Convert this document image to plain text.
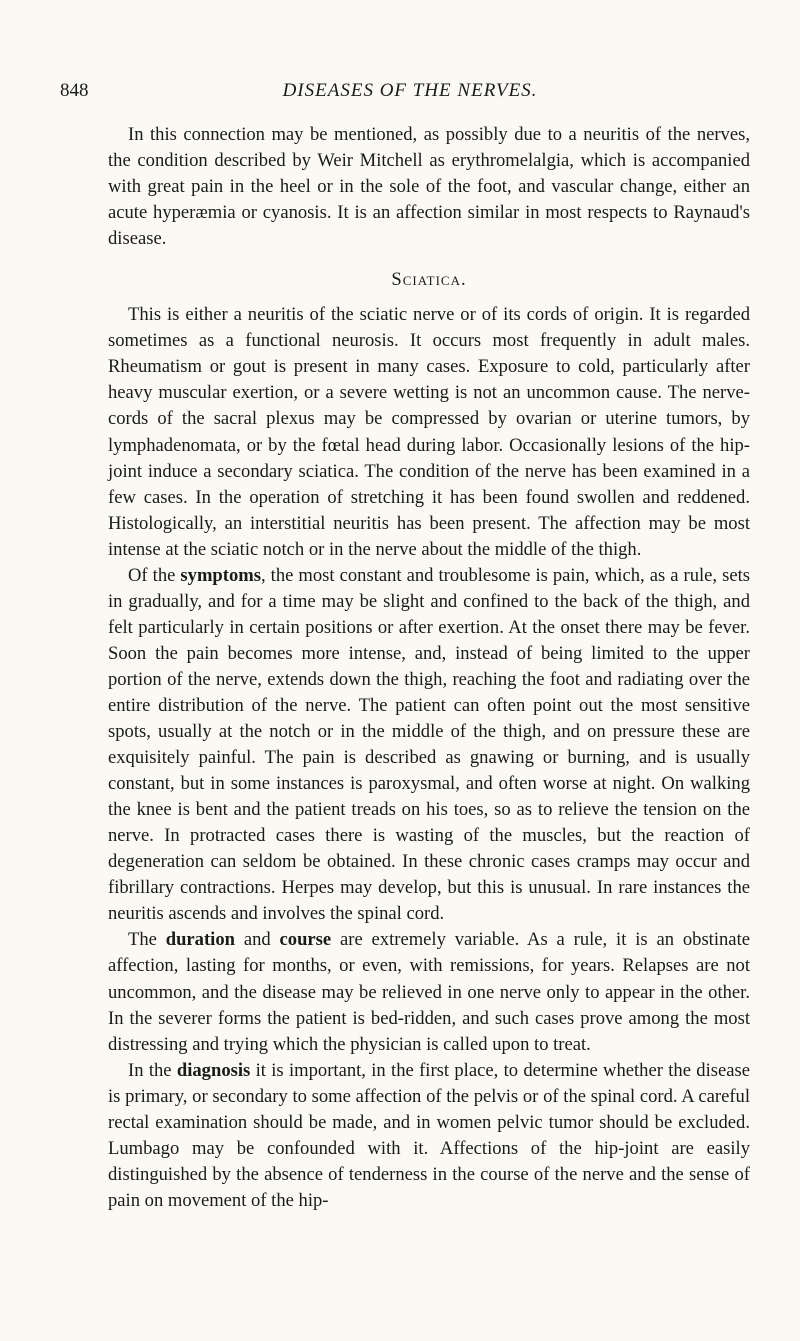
848	DISEASES OF THE NERVES.

In this connection may be mentioned, as possibly due to a neuritis of the nerves, the condition described by Weir Mitchell as erythromelalgia, which is accompanied with great pain in the heel or in the sole of the foot, and vascular change, either an acute hyperæmia or cyanosis. It is an affection similar in most respects to Raynaud's disease.

Sciatica.

This is either a neuritis of the sciatic nerve or of its cords of origin. It is regarded sometimes as a functional neurosis. It occurs most frequently in adult males. Rheumatism or gout is present in many cases. Exposure to cold, particularly after heavy muscular exertion, or a severe wetting is not an uncommon cause. The nerve-cords of the sacral plexus may be compressed by ovarian or uterine tumors, by lymphadenomata, or by the fœtal head during labor. Occasionally lesions of the hip-joint induce a secondary sciatica. The condition of the nerve has been examined in a few cases. In the operation of stretching it has been found swollen and reddened. Histologically, an interstitial neuritis has been present. The affection may be most intense at the sciatic notch or in the nerve about the middle of the thigh.

Of the symptoms, the most constant and troublesome is pain, which, as a rule, sets in gradually, and for a time may be slight and confined to the back of the thigh, and felt particularly in certain positions or after exertion. At the onset there may be fever. Soon the pain becomes more intense, and, instead of being limited to the upper portion of the nerve, extends down the thigh, reaching the foot and radiating over the entire distribution of the nerve. The patient can often point out the most sensitive spots, usually at the notch or in the middle of the thigh, and on pressure these are exquisitely painful. The pain is described as gnawing or burning, and is usually constant, but in some instances is paroxysmal, and often worse at night. On walking the knee is bent and the patient treads on his toes, so as to relieve the tension on the nerve. In protracted cases there is wasting of the muscles, but the reaction of degeneration can seldom be obtained. In these chronic cases cramps may occur and fibrillary contractions. Herpes may develop, but this is unusual. In rare instances the neuritis ascends and involves the spinal cord.

The duration and course are extremely variable. As a rule, it is an obstinate affection, lasting for months, or even, with remissions, for years. Relapses are not uncommon, and the disease may be relieved in one nerve only to appear in the other. In the severer forms the patient is bed-ridden, and such cases prove among the most distressing and trying which the physician is called upon to treat.

In the diagnosis it is important, in the first place, to determine whether the disease is primary, or secondary to some affection of the pelvis or of the spinal cord. A careful rectal examination should be made, and in women pelvic tumor should be excluded. Lumbago may be confounded with it. Affections of the hip-joint are easily distinguished by the absence of tenderness in the course of the nerve and the sense of pain on movement of the hip-
